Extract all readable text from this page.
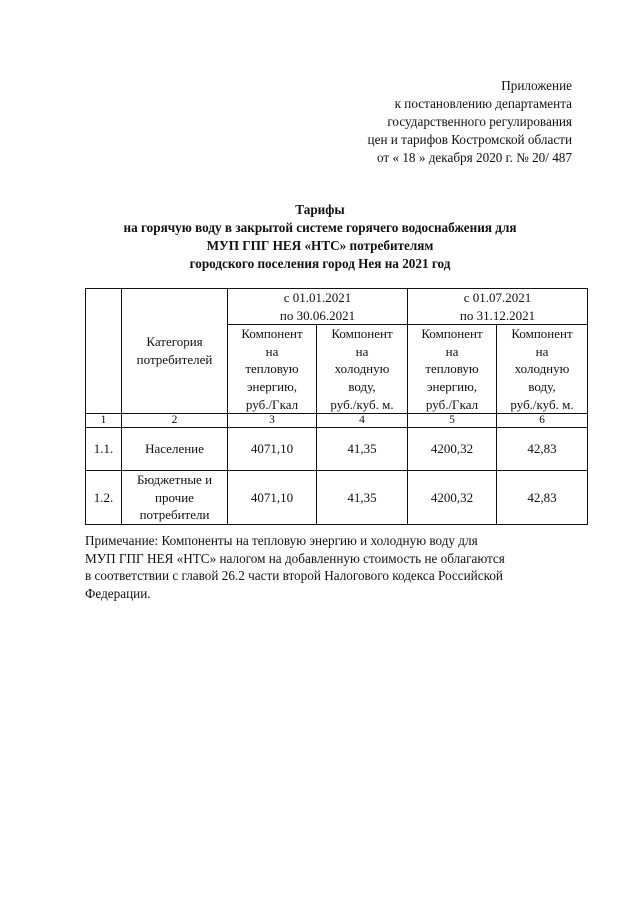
Приложение
к постановлению департамента
государственного регулирования
цен и тарифов Костромской области
от « 18 » декабря 2020 г. № 20/ 487
Тарифы
на горячую воду в закрытой системе горячего водоснабжения для
МУП ГПГ НЕЯ «НТС» потребителям
городского поселения город Нея на 2021 год

	Категория потребителей	с 01.01.2021
по 30.06.2021		с 01.07.2021
по 31.12.2021	

		Компонент
на
тепловую
энергию,
руб./Гкал	Компонент
на
холодную
воду,
руб./куб. м.	Компонент
на
тепловую
энергию,
руб./Гкал	Компонент
на
холодную
воду,
руб./куб. м.

1	2	3	4	5	6
1.1.	Население	4071,10	41,35	4200,32	42,83
1.2.	Бюджетные и
прочие
потребители	4071,10	41,35	4200,32	42,83
Примечание: Компоненты на тепловую энергию и холодную воду для
МУП ГПГ НЕЯ «НТС» налогом на добавленную стоимость не облагаются
в соответствии с главой 26.2 части второй Налогового кодекса Российской
Федерации.
